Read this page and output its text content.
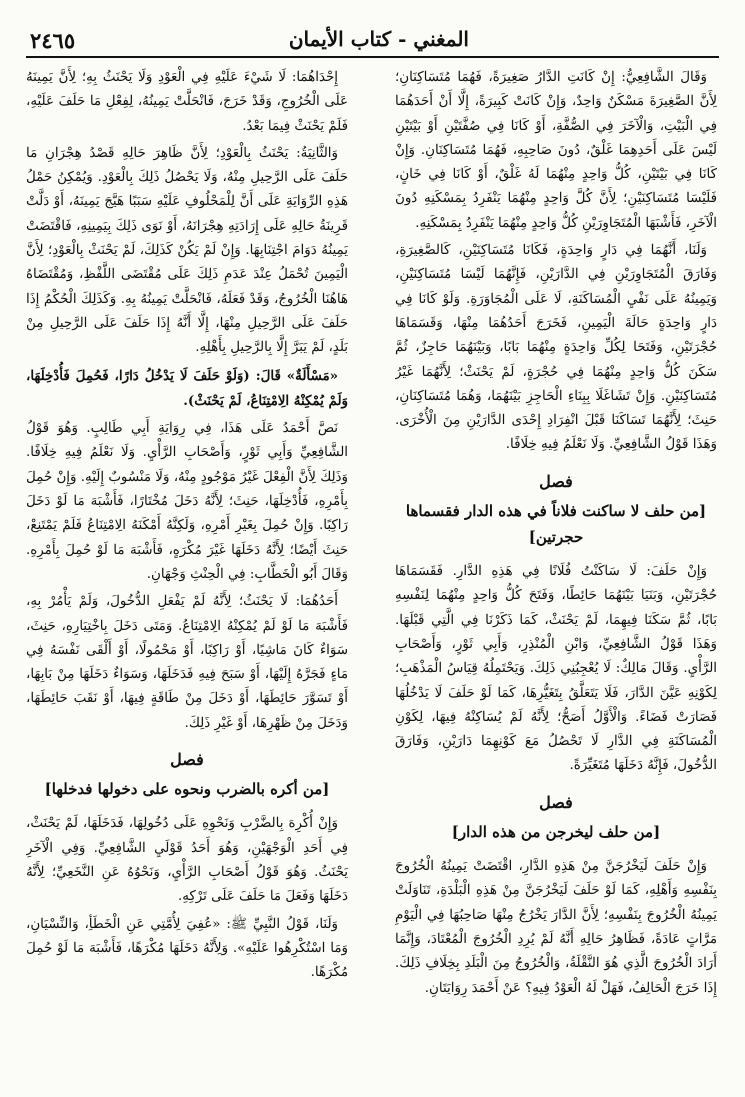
المغني - كتاب الأيمان
٢٤٦٥

وَقَالَ الشَّافِعِيُّ: إِنْ كَانَتِ الدَّارُ صَغِيرَةً، فَهُمَا مُتَسَاكِنَانِ؛ لِأَنَّ الصَّغِيرَةَ مَسْكَنٌ وَاحِدٌ، وَإِنْ كَانَتْ كَبِيرَةً، إِلَّا أَنْ أَحَدَهُمَا فِي الْبَيْتِ، وَالْآخَرَ فِي الصُّفَّةِ، أَوْ كَانَا فِي صُفَّتَيْنِ أَوْ بَيْتَيْنِ لَيْسَ عَلَى أَحَدِهِمَا غَلْقٌ، دُونَ صَاحِبِهِ، فَهُمَا مُتَسَاكِنَانِ. وَإِنْ كَانَا فِي بَيْتَيْنِ، كُلُّ وَاحِدٍ مِنْهُمَا لَهُ غَلْقٌ، أَوْ كَانَا فِي خَانٍ، فَلَيْسَا مُتَسَاكِنَيْنِ؛ لِأَنَّ كُلَّ وَاحِدٍ مِنْهُمَا يَنْفَرِدُ بِمَسْكَنِهِ دُونَ الْآخَرِ، فَأَشْبَهَا الْمُتَجَاوِرَيْنِ كُلُّ وَاحِدٍ مِنْهُمَا يَنْفَرِدُ بِمَسْكَنِهِ.

وَلَنَا، أَنَّهُمَا فِي دَارٍ وَاحِدَةٍ، فَكَانَا مُتَسَاكِنَيْنِ، كَالصَّغِيرَةِ، وَفَارَقَ الْمُتَجَاوِرَيْنِ فِي الدَّارَيْنِ، فَإِنَّهُمَا لَيْسَا مُتَسَاكِنَيْنِ، وَيَمِينُهُ عَلَى نَفْيِ الْمُسَاكَنَةِ، لَا عَلَى الْمُجَاوَرَةِ. وَلَوْ كَانَا فِي دَارٍ وَاحِدَةٍ حَالَةَ الْيَمِينِ، فَخَرَجَ أَحَدُهُمَا مِنْهَا، وَقَسَمَاهَا حُجْرَتَيْنِ، وَفَتَحَا لِكُلِّ وَاحِدَةٍ مِنْهُمَا بَابًا، وَبَيْنَهُمَا حَاجِزٌ، ثُمَّ سَكَنَ كُلُّ وَاحِدٍ مِنْهُمَا فِي حُجْرَةٍ، لَمْ يَحْنَثْ؛ لِأَنَّهُمَا غَيْرُ مُتَسَاكِنَيْنِ. وَإِنْ تَشَاغَلَا بِبِنَاءِ الْحَاجِزِ بَيْنَهُمَا، وَهُمَا مُتَسَاكِنَانِ، حَنِثَ؛ لِأَنَّهُمَا تَسَاكَنَا قَبْلَ انْفِرَادِ إِحْدَى الدَّارَيْنِ مِنَ الْأُخْرَى. وَهَذَا قَوْلُ الشَّافِعِيِّ. وَلَا نَعْلَمُ فِيهِ خِلَافًا.

فصل
[من حلف لا ساكنت فلاناً في هذه الدار فقسماها حجرتين]

وَإِنْ حَلَفَ: لَا سَاكَنْتُ فُلَانًا فِي هَذِهِ الدَّارِ. فَقَسَمَاهَا حُجْرَتَيْنِ، وَبَنَيَا بَيْنَهُمَا حَائِطًا، وَفَتَحَ كُلُّ وَاحِدٍ مِنْهُمَا لِنَفْسِهِ بَابًا، ثُمَّ سَكَنَا فِيهِمَا، لَمْ يَحْنَثْ، كَمَا ذَكَرْنَا فِي الَّتِي قَبْلَهَا. وَهَذَا قَوْلُ الشَّافِعِيِّ، وَابْنِ الْمُنْذِرِ، وَأَبِي ثَوْرٍ، وَأَصْحَابِ الرَّأْيِ. وَقَالَ مَالِكٌ: لَا يُعْجِبُنِي ذَلِكَ. وَيَحْتَمِلُهُ قِيَاسُ الْمَذْهَبِ؛ لِكَوْنِهِ عَيَّنَ الدَّارَ، فَلَا يَتَعَلَّقُ بِتَغَيُّرِهَا، كَمَا لَوْ حَلَفَ لَا يَدْخُلُهَا فَصَارَتْ فَضَاءً. وَالْأَوَّلُ أَصَحُّ؛ لِأَنَّهُ لَمْ يُسَاكِنْهُ فِيهَا، لِكَوْنِ الْمُسَاكَنَةِ فِي الدَّارِ لَا تَحْصُلُ مَعَ كَوْنِهِمَا دَارَيْنِ، وَفَارَقَ الدُّخُولَ، فَإِنَّهُ دَخَلَهَا مُتَغَيِّرَةً.

فصل
[من حلف ليخرجن من هذه الدار]

وَإِنْ حَلَفَ لَيَخْرُجَنَّ مِنْ هَذِهِ الدَّارِ، اقْتَضَتْ يَمِينُهُ الْخُرُوجَ بِنَفْسِهِ وَأَهْلِهِ، كَمَا لَوْ حَلَفَ لَيَخْرُجَنَّ مِنْ هَذِهِ الْبَلْدَةِ، تَنَاوَلَتْ يَمِينُهُ الْخُرُوجَ بِنَفْسِهِ؛ لِأَنَّ الدَّارَ يَخْرُجُ مِنْهَا صَاحِبُهَا فِي الْيَوْمِ مَرَّاتٍ عَادَةً، فَظَاهِرُ حَالِهِ أَنَّهُ لَمْ يُرِدِ الْخُرُوجَ الْمُعْتَادَ، وَإِنَّمَا أَرَادَ الْخُرُوجَ الَّذِي هُوَ النَّقْلَةُ، وَالْخُرُوجُ مِنَ الْبَلَدِ بِخِلَافِ ذَلِكَ. إِذَا خَرَجَ الْحَالِفُ، فَهَلْ لَهُ الْعَوْدُ فِيهِ؟ عَنْ أَحْمَدَ رِوَايَتَانِ.

إِحْدَاهُمَا: لَا شَيْءَ عَلَيْهِ فِي الْعَوْدِ وَلَا يَحْنَثُ بِهِ؛ لِأَنَّ يَمِينَهُ عَلَى الْخُرُوجِ، وَقَدْ خَرَجَ، فَانْحَلَّتْ يَمِينُهُ، لِفِعْلِ مَا حَلَفَ عَلَيْهِ، فَلَمْ يَحْنَثْ فِيمَا بَعْدُ.

وَالثَّانِيَةُ: يَحْنَثُ بِالْعَوْدِ؛ لِأَنَّ ظَاهِرَ حَالِهِ قَصْدُ هِجْرَانِ مَا حَلَفَ عَلَى الرَّحِيلِ مِنْهُ، وَلَا يَحْصُلُ ذَلِكَ بِالْعَوْدِ. وَيُمْكِنُ حَمْلُ هَذِهِ الرِّوَايَةِ عَلَى أَنَّ لِلْمَحْلُوفِ عَلَيْهِ سَبَبًا هَيَّجَ يَمِينَهُ، أَوْ دَلَّتْ قَرِينَةُ حَالِهِ عَلَى إِرَادَتِهِ هِجْرَانَهُ، أَوْ نَوَى ذَلِكَ بِيَمِينِهِ، فَاقْتَضَتْ يَمِينُهُ دَوَامَ اجْتِنَابِهَا. وَإِنْ لَمْ يَكُنْ كَذَلِكَ، لَمْ يَحْنَثْ بِالْعَوْدِ؛ لِأَنَّ الْيَمِينَ تُحْمَلُ عِنْدَ عَدَمِ ذَلِكَ عَلَى مُقْتَضَى اللَّفْظِ، وَمُقْتَضَاهُ هَاهُنَا الْخُرُوجُ، وَقَدْ فَعَلَهُ، فَانْحَلَّتْ يَمِينُهُ بِهِ. وَكَذَلِكَ الْحُكْمُ إِذَا حَلَفَ عَلَى الرَّحِيلِ مِنْهَا، إِلَّا أَنَّهُ إِذَا حَلَفَ عَلَى الرَّحِيلِ مِنْ بَلَدٍ، لَمْ يَبَرَّ إِلَّا بِالرَّحِيلِ بِأَهْلِهِ.

«مَسْأَلَةٌ» قَالَ: (وَلَوْ حَلَفَ لَا يَدْخُلُ دَارًا، فَحُمِلَ فَأُدْخِلَهَا، وَلَمْ يُمْكِنْهُ الِامْتِنَاعُ، لَمْ يَحْنَثْ).

نَصَّ أَحْمَدُ عَلَى هَذَا، فِي رِوَايَةِ أَبِي طَالِبٍ. وَهُوَ قَوْلُ الشَّافِعِيِّ وَأَبِي ثَوْرٍ، وَأَصْحَابِ الرَّأْيِ. وَلَا نَعْلَمُ فِيهِ خِلَافًا. وَذَلِكَ لِأَنَّ الْفِعْلَ غَيْرُ مَوْجُودٍ مِنْهُ، وَلَا مَنْسُوبٌ إِلَيْهِ. وَإِنْ حُمِلَ بِأَمْرِهِ، فَأُدْخِلَهَا، حَنِثَ؛ لِأَنَّهُ دَخَلَ مُخْتَارًا، فَأَشْبَهَ مَا لَوْ دَخَلَ رَاكِبًا. وَإِنْ حُمِلَ بِغَيْرِ أَمْرِهِ، وَلَكِنَّهُ أَمْكَنَهُ الِامْتِنَاعُ فَلَمْ يَمْتَنِعْ، حَنِثَ أَيْضًا؛ لِأَنَّهُ دَخَلَهَا غَيْرَ مُكْرَهٍ، فَأَشْبَهَ مَا لَوْ حُمِلَ بِأَمْرِهِ. وَقَالَ أَبُو الْخَطَّابِ: فِي الْحِنْثِ وَجْهَانِ.

أَحَدُهُمَا: لَا يَحْنَثُ؛ لِأَنَّهُ لَمْ يَفْعَلِ الدُّخُولَ، وَلَمْ يَأْمُرْ بِهِ، فَأَشْبَهَ مَا لَوْ لَمْ يُمْكِنْهُ الِامْتِنَاعُ. وَمَتَى دَخَلَ بِاخْتِيَارِهِ، حَنِثَ، سَوَاءٌ كَانَ مَاشِيًا، أَوْ رَاكِبًا، أَوْ مَحْمُولًا، أَوْ أَلْقَى نَفْسَهُ فِي مَاءٍ فَجَرَّهُ إِلَيْهَا، أَوْ سَبَحَ فِيهِ فَدَخَلَهَا، وَسَوَاءٌ دَخَلَهَا مِنْ بَابِهَا، أَوْ تَسَوَّرَ حَائِطَهَا، أَوْ دَخَلَ مِنْ طَاقَةٍ فِيهَا، أَوْ نَقَبَ حَائِطَهَا، وَدَخَلَ مِنْ ظَهْرِهَا، أَوْ غَيْرِ ذَلِكَ.

فصل
[من أكره بالضرب ونحوه على دخولها فدخلها]

وَإِنْ أُكْرِهَ بِالضَّرْبِ وَنَحْوِهِ عَلَى دُخُولِهَا، فَدَخَلَهَا، لَمْ يَحْنَثْ، فِي أَحَدِ الْوَجْهَيْنِ، وَهُوَ أَحَدُ قَوْلَيِ الشَّافِعِيِّ. وَفِي الْآخَرِ يَحْنَثُ. وَهُوَ قَوْلُ أَصْحَابِ الرَّأْيِ، وَنَحْوُهُ عَنِ النَّخَعِيِّ؛ لِأَنَّهُ دَخَلَهَا وَفَعَلَ مَا حَلَفَ عَلَى تَرْكِهِ.

وَلَنَا، قَوْلُ النَّبِيِّ ﷺ: «عُفِيَ لِأُمَّتِي عَنِ الْخَطَأِ، وَالنِّسْيَانِ، وَمَا اسْتُكْرِهُوا عَلَيْهِ». وَلِأَنَّهُ دَخَلَهَا مُكْرَهًا، فَأَشْبَهَ مَا لَوْ حُمِلَ مُكْرَهًا.
